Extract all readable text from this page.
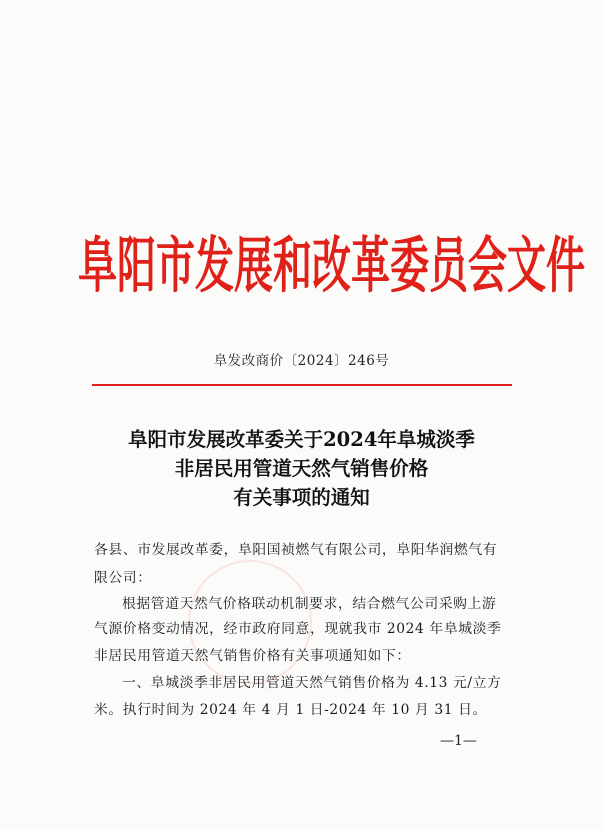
阜阳市发展和改革委员会文件
阜发改商价〔2024〕246号
阜阳市发展改革委关于2024年阜城淡季
非居民用管道天然气销售价格
有关事项的通知
各县、市发展改革委，阜阳国祯燃气有限公司，阜阳华润燃气有
限公司：
根据管道天然气价格联动机制要求，结合燃气公司采购上游
气源价格变动情况，经市政府同意，现就我市 2024 年阜城淡季
非居民用管道天然气销售价格有关事项通知如下：
一、阜城淡季非居民用管道天然气销售价格为 4.13 元/立方
米。执行时间为 2024 年 4 月 1 日-2024 年 10 月 31 日。
—1—
